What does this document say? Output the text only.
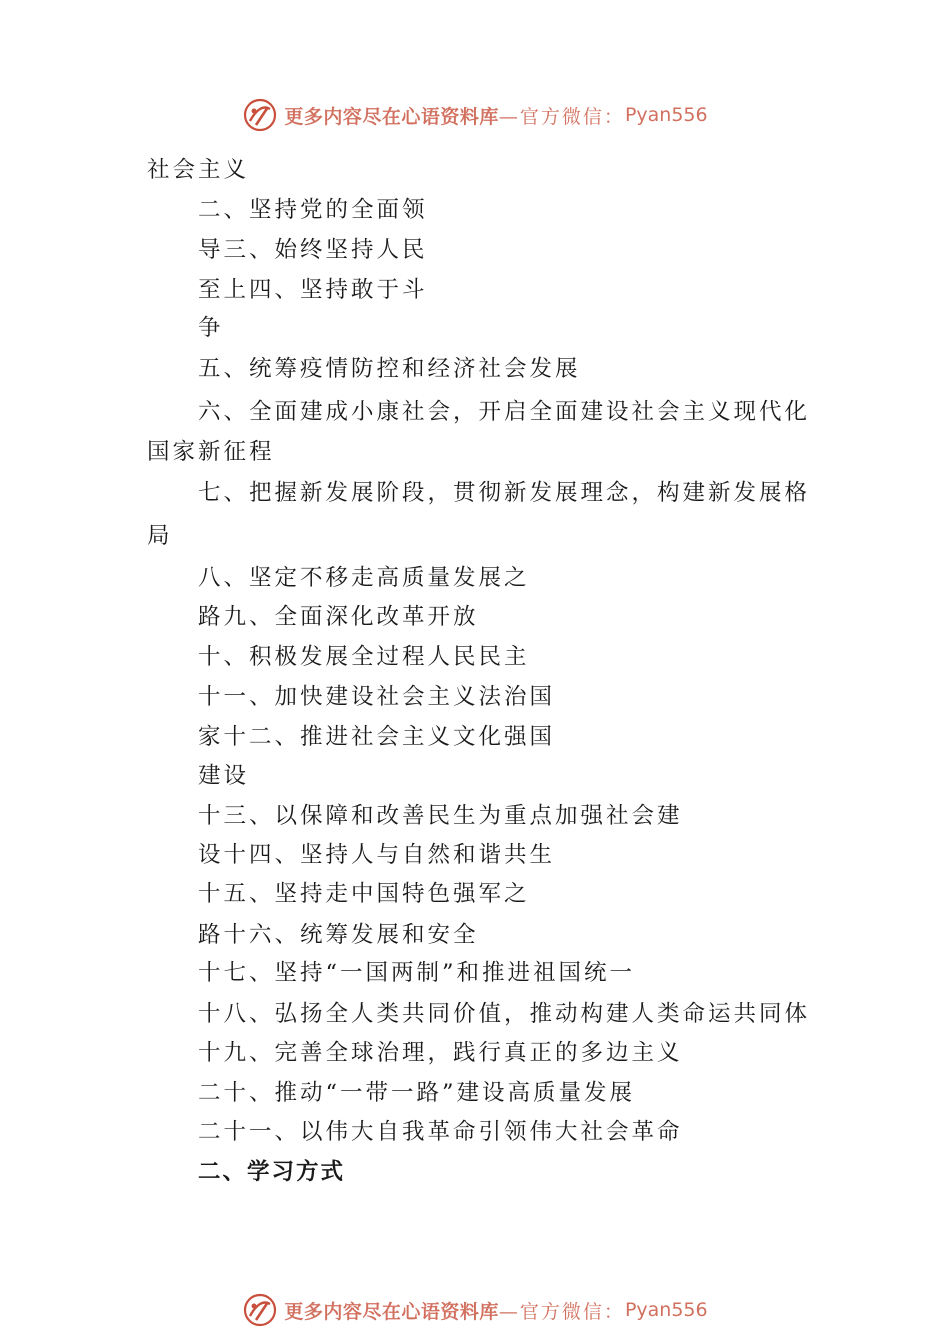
更多内容尽在心语资料库 —官方微信： Pyan556
社会主义
二、坚持党的全面领
导三、始终坚持人民
至上四、坚持敢于斗
争
五、统筹疫情防控和经济社会发展
六、全面建成小康社会，开启全面建设社会主义现代化
国家新征程
七、把握新发展阶段，贯彻新发展理念，构建新发展格
局
八、坚定不移走高质量发展之
路九、全面深化改革开放
十、积极发展全过程人民民主
十一、加快建设社会主义法治国
家十二、推进社会主义文化强国
建设
十三、以保障和改善民生为重点加强社会建
设十四、坚持人与自然和谐共生
十五、坚持走中国特色强军之
路十六、统筹发展和安全
十七、坚持“一国两制”和推进祖国统一
十八、弘扬全人类共同价值，推动构建人类命运共同体
十九、完善全球治理，践行真正的多边主义
二十、推动“一带一路”建设高质量发展
二十一、以伟大自我革命引领伟大社会革命
二、学习方式
更多内容尽在心语资料库 —官方微信： Pyan556
